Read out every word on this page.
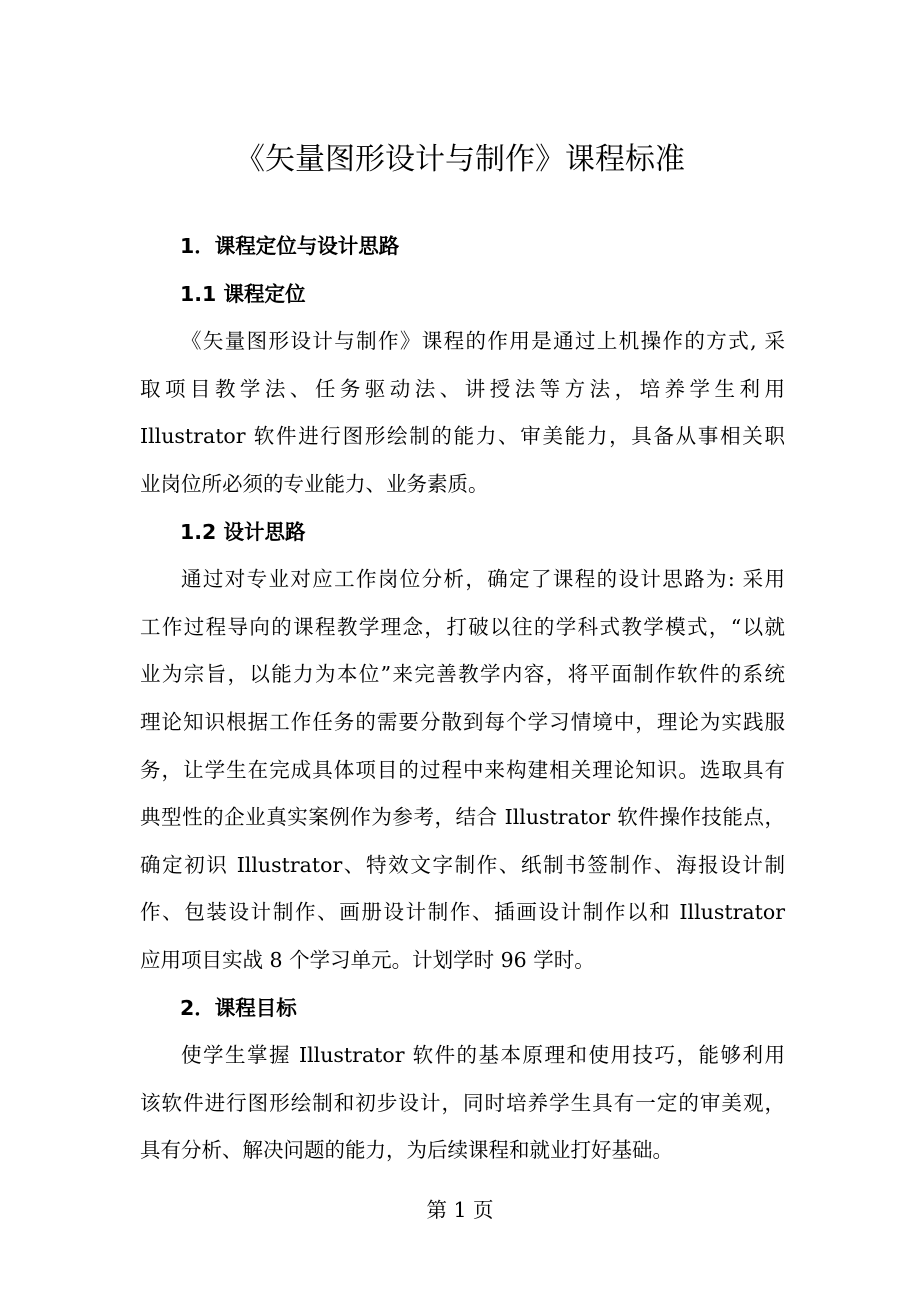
《矢量图形设计与制作》课程标准

1．课程定位与设计思路

1.1 课程定位

《矢量图形设计与制作》课程的作用是通过上机操作的方式, 采
取项目教学法、任务驱动法、讲授法等方法，培养学生利用
Illustrator 软件进行图形绘制的能力、审美能力，具备从事相关职
业岗位所必须的专业能力、业务素质。

1.2 设计思路

通过对专业对应工作岗位分析，确定了课程的设计思路为: 采用
工作过程导向的课程教学理念，打破以往的学科式教学模式，“以就
业为宗旨，以能力为本位”来完善教学内容，将平面制作软件的系统
理论知识根据工作任务的需要分散到每个学习情境中，理论为实践服
务，让学生在完成具体项目的过程中来构建相关理论知识。选取具有
典型性的企业真实案例作为参考，结合 Illustrator 软件操作技能点，
确定初识 Illustrator、特效文字制作、纸制书签制作、海报设计制
作、包装设计制作、画册设计制作、插画设计制作以和 Illustrator
应用项目实战 8 个学习单元。计划学时 96 学时。

2．课程目标

使学生掌握 Illustrator 软件的基本原理和使用技巧，能够利用
该软件进行图形绘制和初步设计，同时培养学生具有一定的审美观，
具有分析、解决问题的能力，为后续课程和就业打好基础。
第 1 页
